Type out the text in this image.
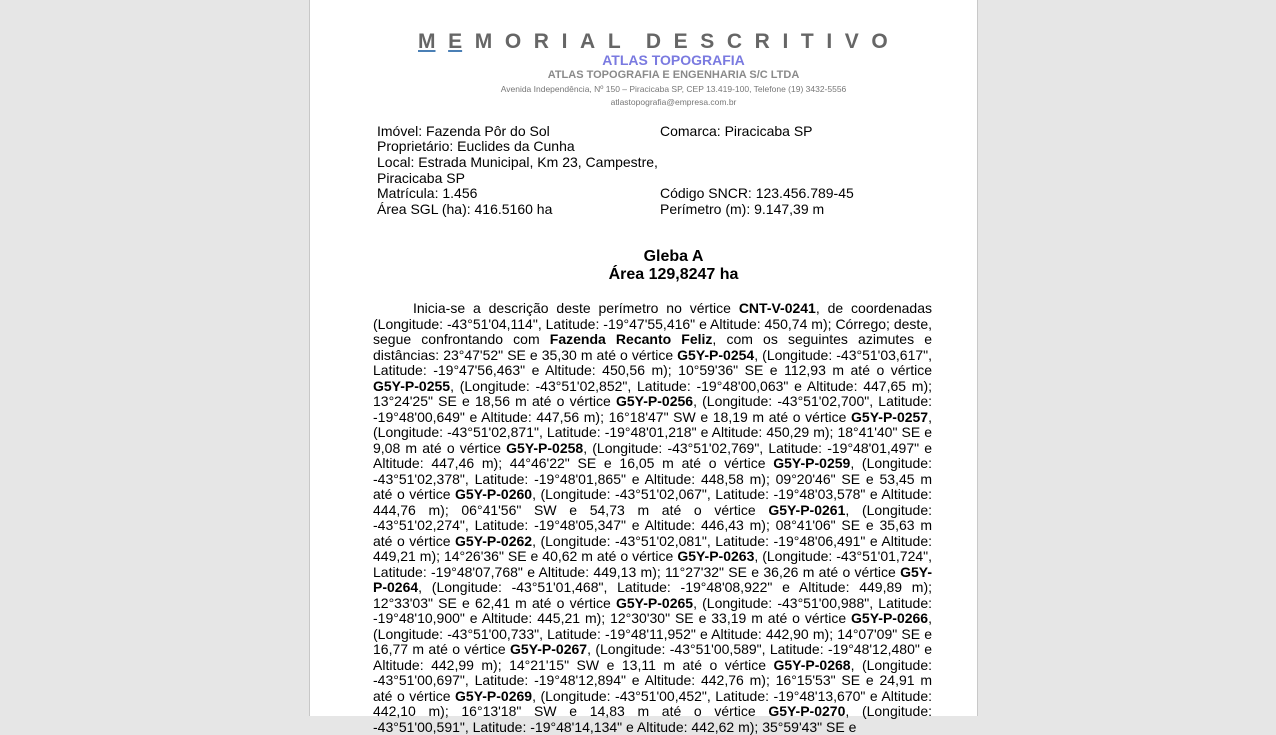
M E M O R I A L D E S C R I T I V O
ATLAS TOPOGRAFIA
ATLAS TOPOGRAFIA E ENGENHARIA S/C LTDA
Avenida Independência, Nº 150 – Piracicaba SP, CEP 13.419-100, Telefone (19) 3432-5556
atlastopografia@empresa.com.br
Imóvel: Fazenda Pôr do Sol	Comarca: Piracicaba SP
Proprietário: Euclides da Cunha
Local: Estrada Municipal, Km 23, Campestre, Piracicaba SP
Matrícula: 1.456	Código SNCR: 123.456.789-45
Área SGL (ha): 416.5160 ha	Perímetro (m): 9.147,39 m
Gleba A
Área 129,8247 ha
Inicia-se a descrição deste perímetro no vértice CNT-V-0241, de coordenadas (Longitude: -43°51'04,114", Latitude: -19°47'55,416" e Altitude: 450,74 m); Córrego; deste, segue confrontando com Fazenda Recanto Feliz, com os seguintes azimutes e distâncias: 23°47'52" SE e 35,30 m até o vértice G5Y-P-0254, (Longitude: -43°51'03,617", Latitude: -19°47'56,463" e Altitude: 450,56 m); 10°59'36" SE e 112,93 m até o vértice G5Y-P-0255, (Longitude: -43°51'02,852", Latitude: -19°48'00,063" e Altitude: 447,65 m); 13°24'25" SE e 18,56 m até o vértice G5Y-P-0256, (Longitude: -43°51'02,700", Latitude: -19°48'00,649" e Altitude: 447,56 m); 16°18'47" SW e 18,19 m até o vértice G5Y-P-0257, (Longitude: -43°51'02,871", Latitude: -19°48'01,218" e Altitude: 450,29 m); 18°41'40" SE e 9,08 m até o vértice G5Y-P-0258, (Longitude: -43°51'02,769", Latitude: -19°48'01,497" e Altitude: 447,46 m); 44°46'22" SE e 16,05 m até o vértice G5Y-P-0259, (Longitude: -43°51'02,378", Latitude: -19°48'01,865" e Altitude: 448,58 m); 09°20'46" SE e 53,45 m até o vértice G5Y-P-0260, (Longitude: -43°51'02,067", Latitude: -19°48'03,578" e Altitude: 444,76 m); 06°41'56" SW e 54,73 m até o vértice G5Y-P-0261, (Longitude: -43°51'02,274", Latitude: -19°48'05,347" e Altitude: 446,43 m); 08°41'06" SE e 35,63 m até o vértice G5Y-P-0262, (Longitude: -43°51'02,081", Latitude: -19°48'06,491" e Altitude: 449,21 m); 14°26'36" SE e 40,62 m até o vértice G5Y-P-0263, (Longitude: -43°51'01,724", Latitude: -19°48'07,768" e Altitude: 449,13 m); 11°27'32" SE e 36,26 m até o vértice G5Y-P-0264, (Longitude: -43°51'01,468", Latitude: -19°48'08,922" e Altitude: 449,89 m); 12°33'03" SE e 62,41 m até o vértice G5Y-P-0265, (Longitude: -43°51'00,988", Latitude: -19°48'10,900" e Altitude: 445,21 m); 12°30'30" SE e 33,19 m até o vértice G5Y-P-0266, (Longitude: -43°51'00,733", Latitude: -19°48'11,952" e Altitude: 442,90 m); 14°07'09" SE e 16,77 m até o vértice G5Y-P-0267, (Longitude: -43°51'00,589", Latitude: -19°48'12,480" e Altitude: 442,99 m); 14°21'15" SW e 13,11 m até o vértice G5Y-P-0268, (Longitude: -43°51'00,697", Latitude: -19°48'12,894" e Altitude: 442,76 m); 16°15'53" SE e 24,91 m até o vértice G5Y-P-0269, (Longitude: -43°51'00,452", Latitude: -19°48'13,670" e Altitude: 442,10 m); 16°13'18" SW e 14,83 m até o vértice G5Y-P-0270, (Longitude: -43°51'00,591", Latitude: -19°48'14,134" e Altitude: 442,62 m); 35°59'43" SE e
